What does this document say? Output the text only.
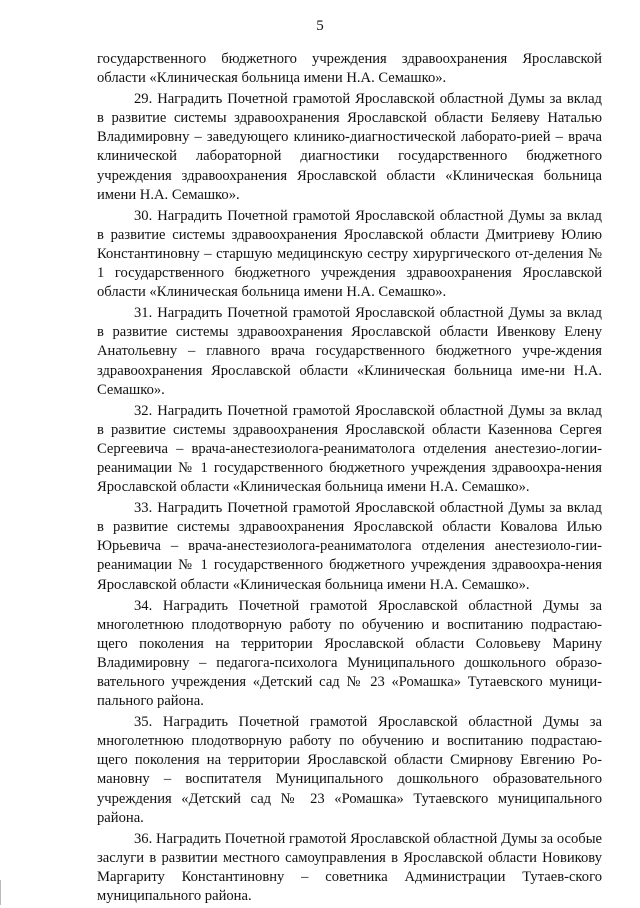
5

государственного бюджетного учреждения здравоохранения Ярославской области «Клиническая больница имени Н.А. Семашко».

29. Наградить Почетной грамотой Ярославской областной Думы за вклад в развитие системы здравоохранения Ярославской области Беляеву Наталью Владимировну – заведующего клинико-диагностической лаборато-рией – врача клинической лабораторной диагностики государственного бюджетного учреждения здравоохранения Ярославской области «Клиническая больница имени Н.А. Семашко».

30. Наградить Почетной грамотой Ярославской областной Думы за вклад в развитие системы здравоохранения Ярославской области Дмитриеву Юлию Константиновну – старшую медицинскую сестру хирургического от-деления № 1 государственного бюджетного учреждения здравоохранения Ярославской области «Клиническая больница имени Н.А. Семашко».

31. Наградить Почетной грамотой Ярославской областной Думы за вклад в развитие системы здравоохранения Ярославской области Ивенкову Елену Анатольевну – главного врача государственного бюджетного учре-ждения здравоохранения Ярославской области «Клиническая больница име-ни Н.А. Семашко».

32. Наградить Почетной грамотой Ярославской областной Думы за вклад в развитие системы здравоохранения Ярославской области Казеннова Сергея Сергеевича – врача-анестезиолога-реаниматолога отделения анестезио-логии-реанимации № 1 государственного бюджетного учреждения здравоохра-нения Ярославской области «Клиническая больница имени Н.А. Семашко».

33. Наградить Почетной грамотой Ярославской областной Думы за вклад в развитие системы здравоохранения Ярославской области Ковалова Илью Юрьевича – врача-анестезиолога-реаниматолога отделения анестезиоло-гии-реанимации № 1 государственного бюджетного учреждения здравоохра-нения Ярославской области «Клиническая больница имени Н.А. Семашко».

34. Наградить Почетной грамотой Ярославской областной Думы за многолетнюю плодотворную работу по обучению и воспитанию подрастаю-щего поколения на территории Ярославской области Соловьеву Марину Владимировну – педагога-психолога Муниципального дошкольного образо-вательного учреждения «Детский сад № 23 «Ромашка» Тутаевского муници-пального района.

35. Наградить Почетной грамотой Ярославской областной Думы за многолетнюю плодотворную работу по обучению и воспитанию подрастаю-щего поколения на территории Ярославской области Смирнову Евгению Ро-мановну – воспитателя Муниципального дошкольного образовательного учреждения «Детский сад № 23 «Ромашка» Тутаевского муниципального района.

36. Наградить Почетной грамотой Ярославской областной Думы за особые заслуги в развитии местного самоуправления в Ярославской области Новикову Маргариту Константиновну – советника Администрации Тутаев-ского муниципального района.
